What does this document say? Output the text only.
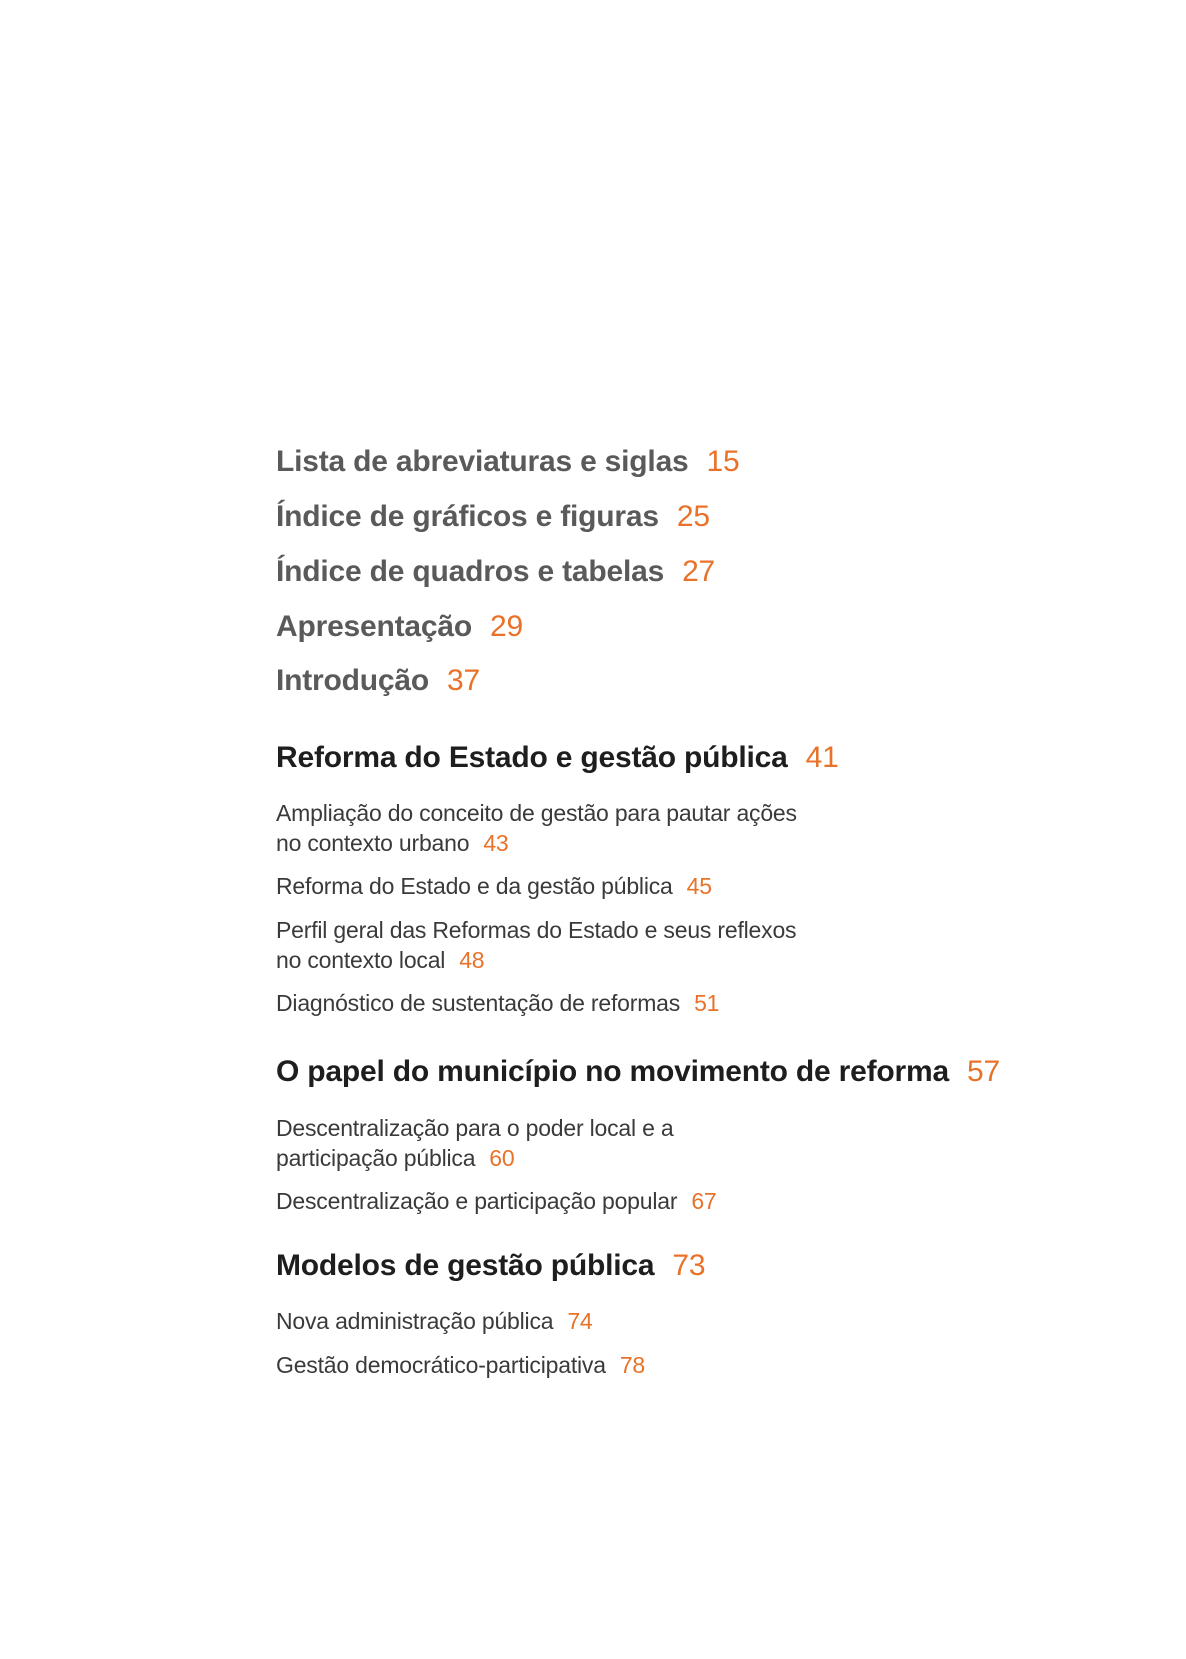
Lista de abreviaturas e siglas 15
Índice de gráficos e figuras 25
Índice de quadros e tabelas 27
Apresentação 29
Introdução 37
Reforma do Estado e gestão pública 41
Ampliação do conceito de gestão para pautar ações
no contexto urbano 43
Reforma do Estado e da gestão pública 45
Perfil geral das Reformas do Estado e seus reflexos
no contexto local 48
Diagnóstico de sustentação de reformas 51
O papel do município no movimento de reforma 57
Descentralização para o poder local e a
participação pública 60
Descentralização e participação popular 67
Modelos de gestão pública 73
Nova administração pública 74
Gestão democrático-participativa 78
